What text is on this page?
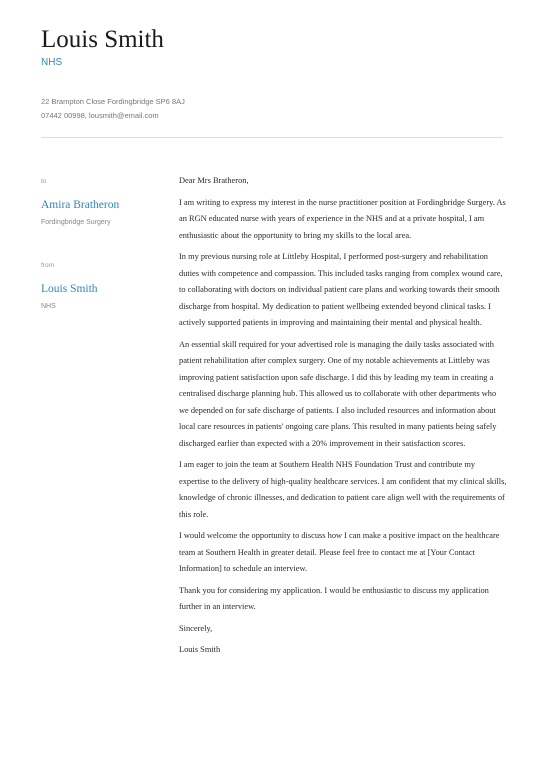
Louis Smith
NHS
22 Brampton Close Fordingbridge SP6 8AJ
07442 00998, lousmith@email.com
to
Amira Bratheron
Fordingbridge Surgery
from
Louis Smith
NHS

Dear Mrs Bratheron,

I am writing to express my interest in the nurse practitioner position at Fordingbridge Surgery. As an RGN educated nurse with years of experience in the NHS and at a private hospital, I am enthusiastic about the opportunity to bring my skills to the local area.

In my previous nursing role at Littleby Hospital, I performed post-surgery and rehabilitation duties with competence and compassion. This included tasks ranging from complex wound care, to collaborating with doctors on individual patient care plans and working towards their smooth discharge from hospital. My dedication to patient wellbeing extended beyond clinical tasks. I actively supported patients in improving and maintaining their mental and physical health.

An essential skill required for your advertised role is managing the daily tasks associated with patient rehabilitation after complex surgery. One of my notable achievements at Littleby was improving patient satisfaction upon safe discharge. I did this by leading my team in creating a centralised discharge planning hub. This allowed us to collaborate with other departments who we depended on for safe discharge of patients. I also included resources and information about local care resources in patients' ongoing care plans. This resulted in many patients being safely discharged earlier than expected with a 20% improvement in their satisfaction scores.

I am eager to join the team at Southern Health NHS Foundation Trust and contribute my expertise to the delivery of high-quality healthcare services. I am confident that my clinical skills, knowledge of chronic illnesses, and dedication to patient care align well with the requirements of this role.

I would welcome the opportunity to discuss how I can make a positive impact on the healthcare team at Southern Health in greater detail. Please feel free to contact me at [Your Contact Information] to schedule an interview.

Thank you for considering my application. I would be enthusiastic to discuss my application further in an interview.

Sincerely,

Louis Smith
